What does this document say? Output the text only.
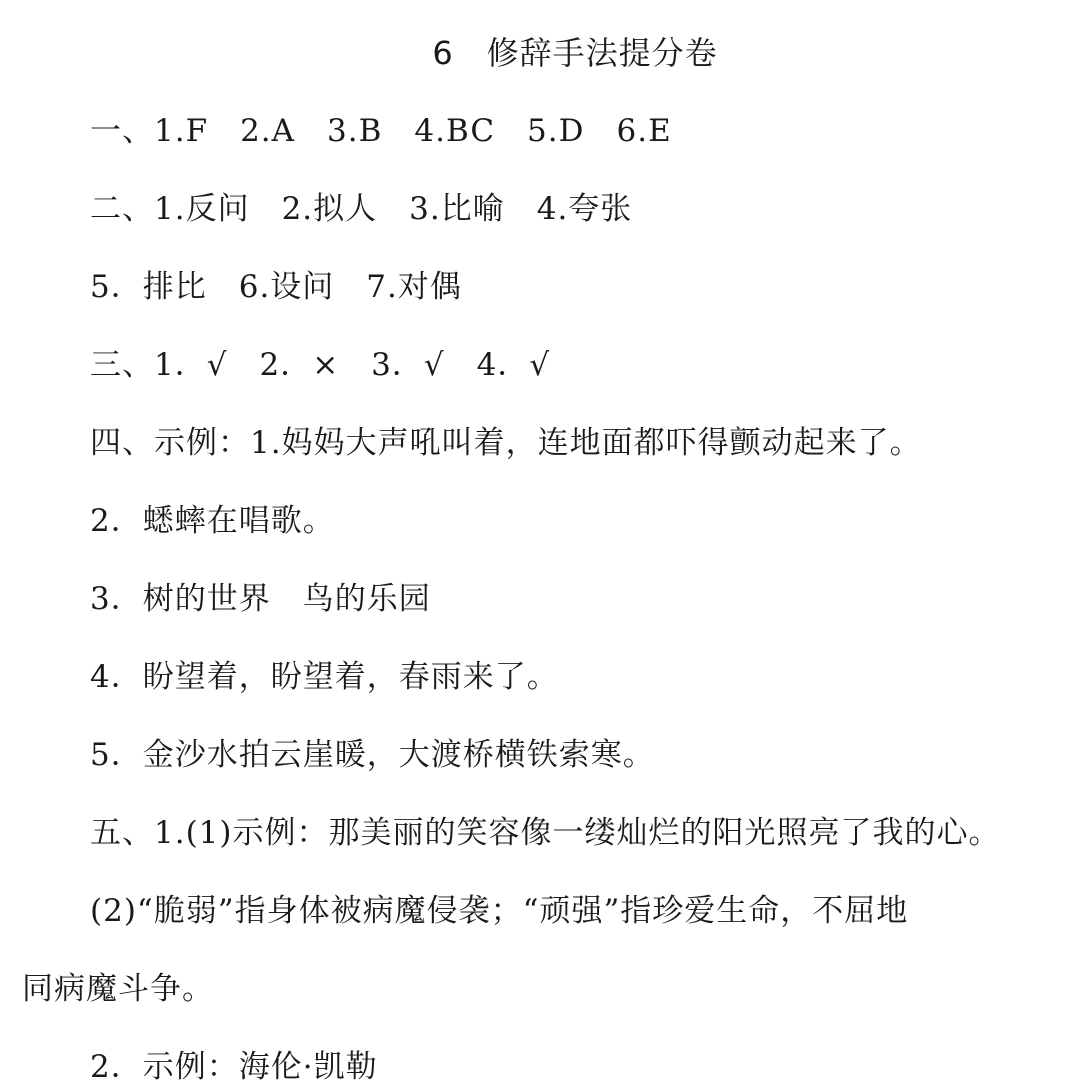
6　修辞手法提分卷
一、1.F　2.A　3.B　4.BC　5.D　6.E
二、1.反问　2.拟人　3.比喻　4.夸张
5．排比　6.设问　7.对偶
三、1．√　2．×　3．√　4．√
四、示例：1.妈妈大声吼叫着，连地面都吓得颤动起来了。
2．蟋蟀在唱歌。
3．树的世界　鸟的乐园
4．盼望着，盼望着，春雨来了。
5．金沙水拍云崖暖，大渡桥横铁索寒。
五、1.(1)示例：那美丽的笑容像一缕灿烂的阳光照亮了我的心。
(2)“脆弱”指身体被病魔侵袭；“顽强”指珍爱生命，不屈地
同病魔斗争。
2．示例：海伦·凯勒
